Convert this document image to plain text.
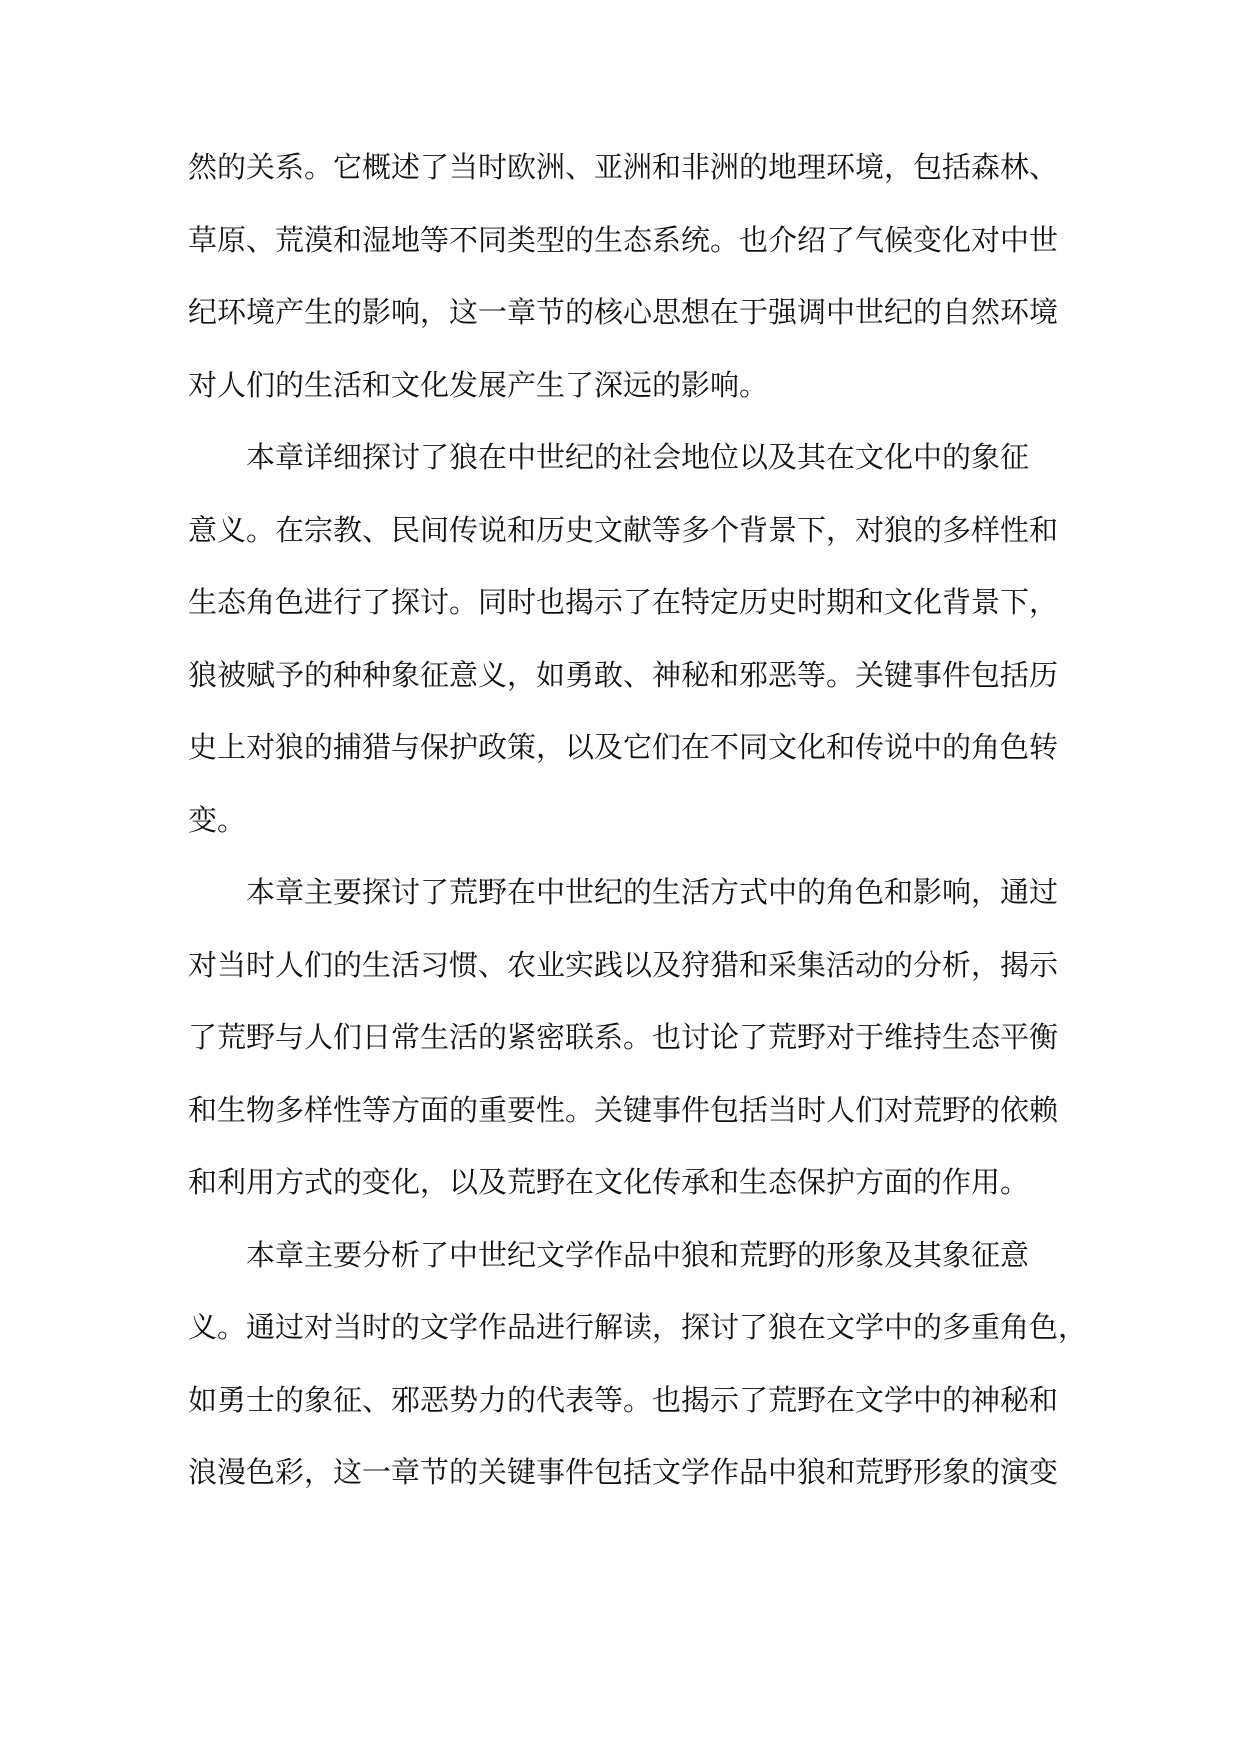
然的关系。它概述了当时欧洲、亚洲和非洲的地理环境，包括森林、
草原、荒漠和湿地等不同类型的生态系统。也介绍了气候变化对中世
纪环境产生的影响，这一章节的核心思想在于强调中世纪的自然环境
对人们的生活和文化发展产生了深远的影响。
本章详细探讨了狼在中世纪的社会地位以及其在文化中的象征
意义。在宗教、民间传说和历史文献等多个背景下，对狼的多样性和
生态角色进行了探讨。同时也揭示了在特定历史时期和文化背景下，
狼被赋予的种种象征意义，如勇敢、神秘和邪恶等。关键事件包括历
史上对狼的捕猎与保护政策，以及它们在不同文化和传说中的角色转
变。
本章主要探讨了荒野在中世纪的生活方式中的角色和影响，通过
对当时人们的生活习惯、农业实践以及狩猎和采集活动的分析，揭示
了荒野与人们日常生活的紧密联系。也讨论了荒野对于维持生态平衡
和生物多样性等方面的重要性。关键事件包括当时人们对荒野的依赖
和利用方式的变化，以及荒野在文化传承和生态保护方面的作用。
本章主要分析了中世纪文学作品中狼和荒野的形象及其象征意
义。通过对当时的文学作品进行解读，探讨了狼在文学中的多重角色，
如勇士的象征、邪恶势力的代表等。也揭示了荒野在文学中的神秘和
浪漫色彩，这一章节的关键事件包括文学作品中狼和荒野形象的演变
